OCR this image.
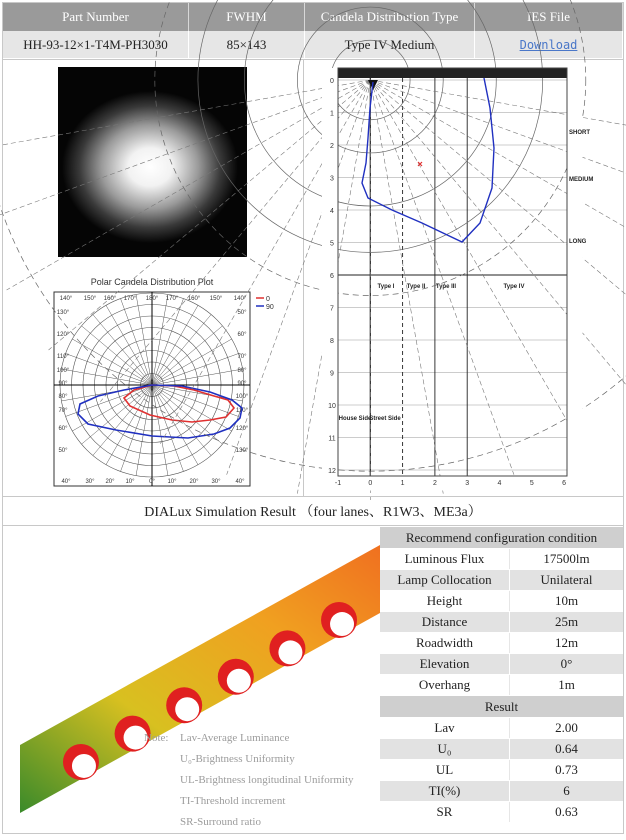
Part Number	FWHM	Candela Distribution Type	IES File
HH-93-12×1-T4M-PH3030	85×143	Type IV Medium	Download
Polar Candela Distribution Plot
140° 150° 160° 170° 180° 170° 160° 150° 140°
130°
120°
110°
100°
90°
80°
70°
60°
50°
40° 30° 20° 10° 0° 10° 20° 30° 40°
50°
60°
70°
80°
90°
100°
110°
120°
130°
0
90
0
1
2
3
4
5
6
7
8
9
10
11
12
-1	0	1	2	3	4	5	6
SHORT
MEDIUM
LONG
Type I Type II Type III	Type IV
House Side
Street Side
DIALux Simulation Result （four lanes、R1W3、ME3a）
Note: Lav-Average Luminance
U₀-Brightness Uniformity
UL-Brightness longitudinal Uniformity
TI-Threshold increment
SR-Surround ratio
Recommend configuration condition
Luminous Flux	17500lm
Lamp Collocation	Unilateral
Height	10m
Distance	25m
Roadwidth	12m
Elevation	0°
Overhang	1m
Result
Lav	2.00
U₀	0.64
UL	0.73
TI(%)	6
SR	0.63
